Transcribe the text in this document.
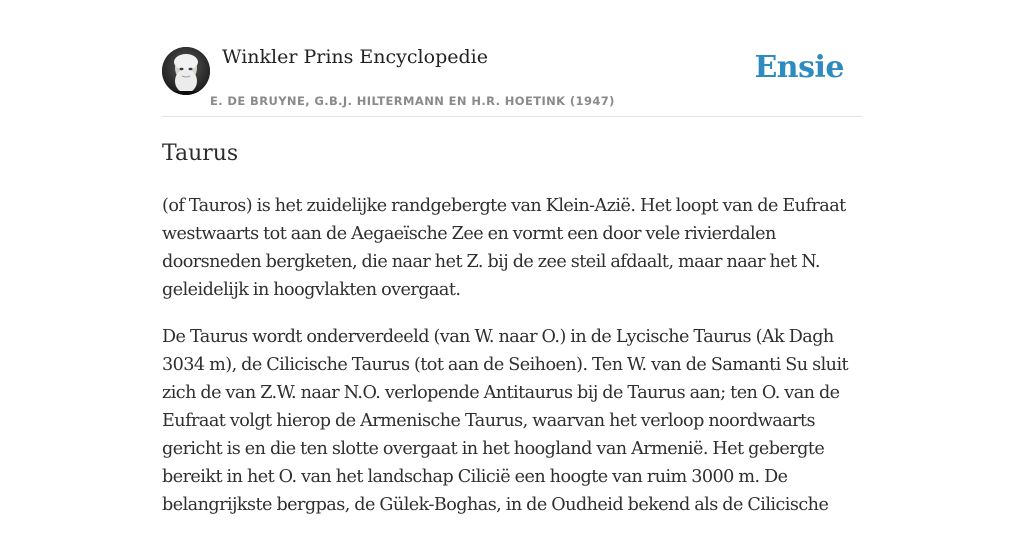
Winkler Prins Encyclopedie
E. DE BRUYNE, G.B.J. HILTERMANN EN H.R. HOETINK (1947)
Ensie
Taurus

(of Tauros) is het zuidelijke randgebergte van Klein-Azië. Het loopt van de Eufraat westwaarts tot aan de Aegaeïsche Zee en vormt een door vele rivierdalen doorsneden bergketen, die naar het Z. bij de zee steil afdaalt, maar naar het N. geleidelijk in hoogvlakten overgaat.

De Taurus wordt onderverdeeld (van W. naar O.) in de Lycische Taurus (Ak Dagh 3034 m), de Cilicische Taurus (tot aan de Seihoen). Ten W. van de Samanti Su sluit zich de van Z.W. naar N.O. verlopende Antitaurus bij de Taurus aan; ten O. van de Eufraat volgt hierop de Armenische Taurus, waarvan het verloop noordwaarts gericht is en die ten slotte overgaat in het hoogland van Armenië. Het gebergte bereikt in het O. van het landschap Cilicië een hoogte van ruim 3000 m. De belangrijkste bergpas, de Gülek-Boghas, in de Oudheid bekend als de Cilicische
